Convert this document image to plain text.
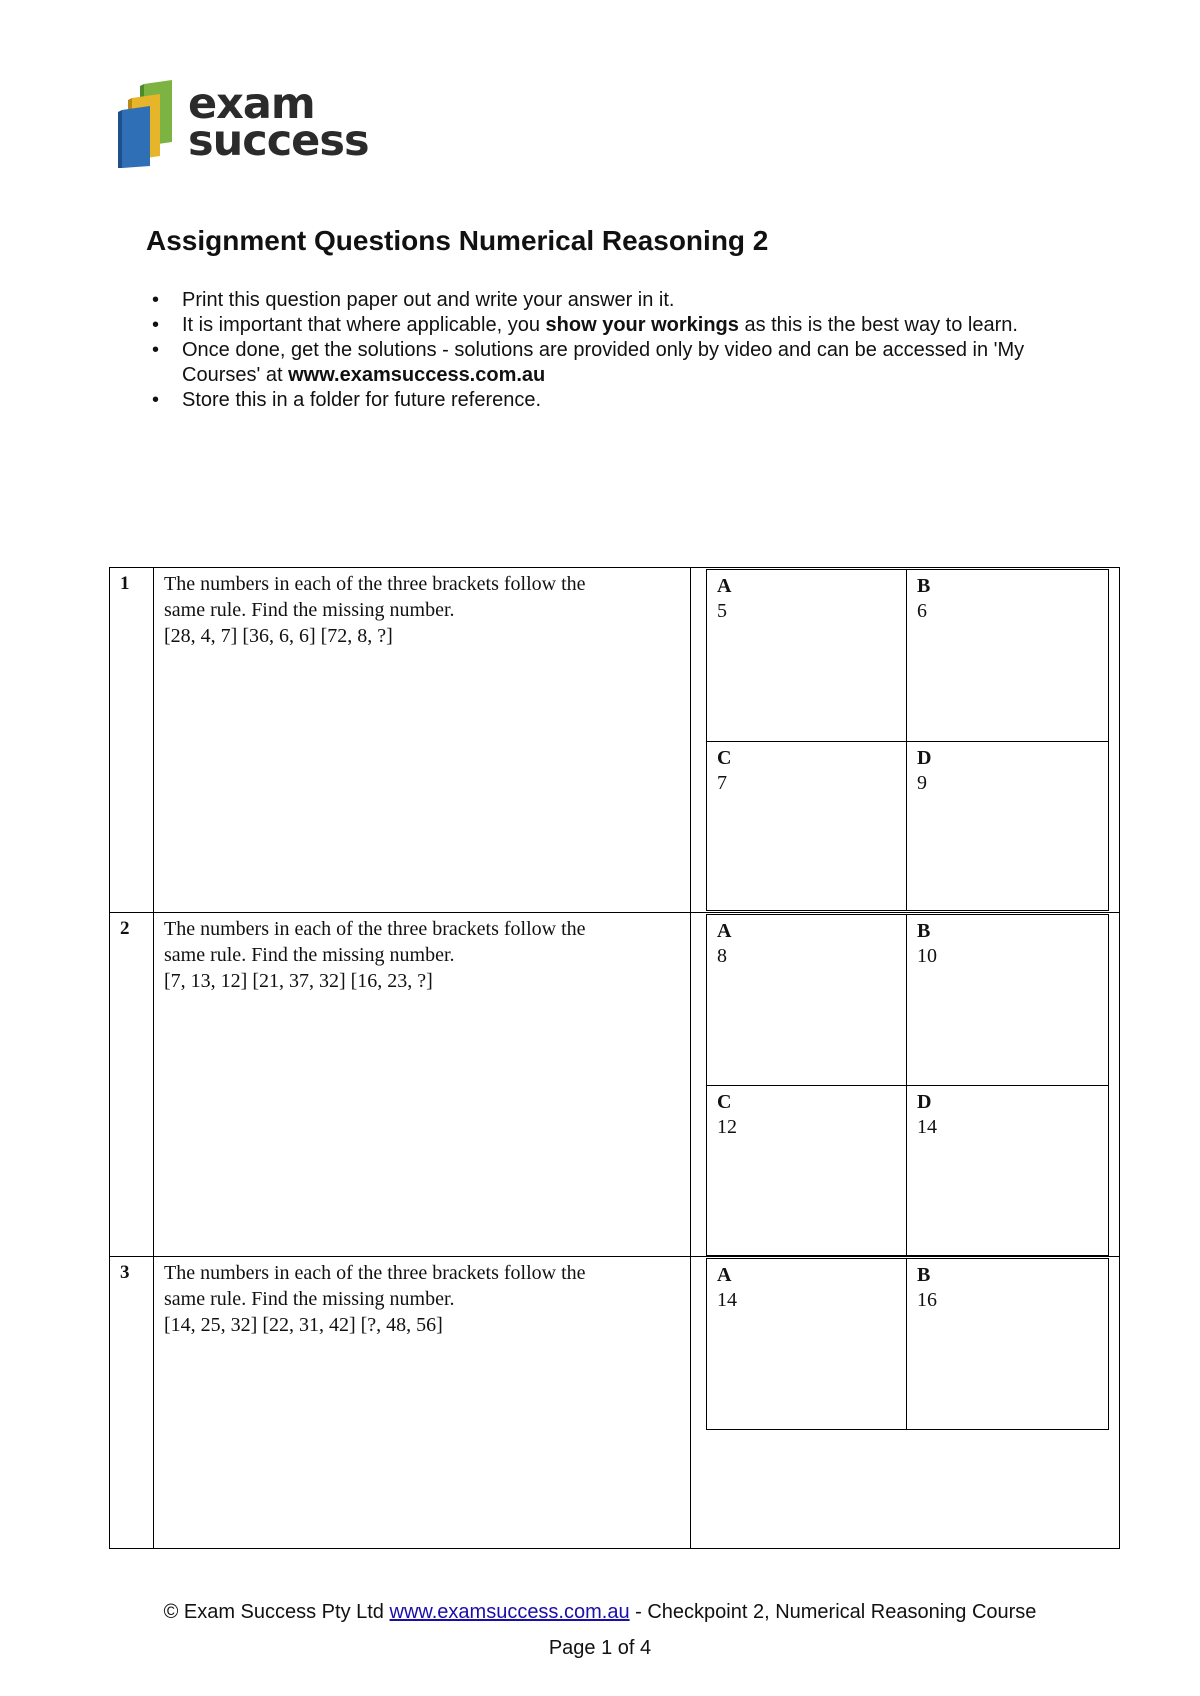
exam
success
Assignment Questions Numerical Reasoning 2
• Print this question paper out and write your answer in it.
• It is important that where applicable, you show your workings as this is the best way to learn.
• Once done, get the solutions - solutions are provided only by video and can be accessed in 'My Courses' at www.examsuccess.com.au
• Store this in a folder for future reference.
1	The numbers in each of the three brackets follow the
same rule. Find the missing number.
[28, 4, 7] [36, 6, 6] [72, 8, ?]
A
5
B
6
C
7
D
9
2	The numbers in each of the three brackets follow the
same rule. Find the missing number.
[7, 13, 12] [21, 37, 32] [16, 23, ?]
A
8
B
10
C
12
D
14
3	The numbers in each of the three brackets follow the
same rule. Find the missing number.
[14, 25, 32] [22, 31, 42] [?, 48, 56]
A
14
B
16
© Exam Success Pty Ltd www.examsuccess.com.au - Checkpoint 2, Numerical Reasoning Course
Page 1 of 4
